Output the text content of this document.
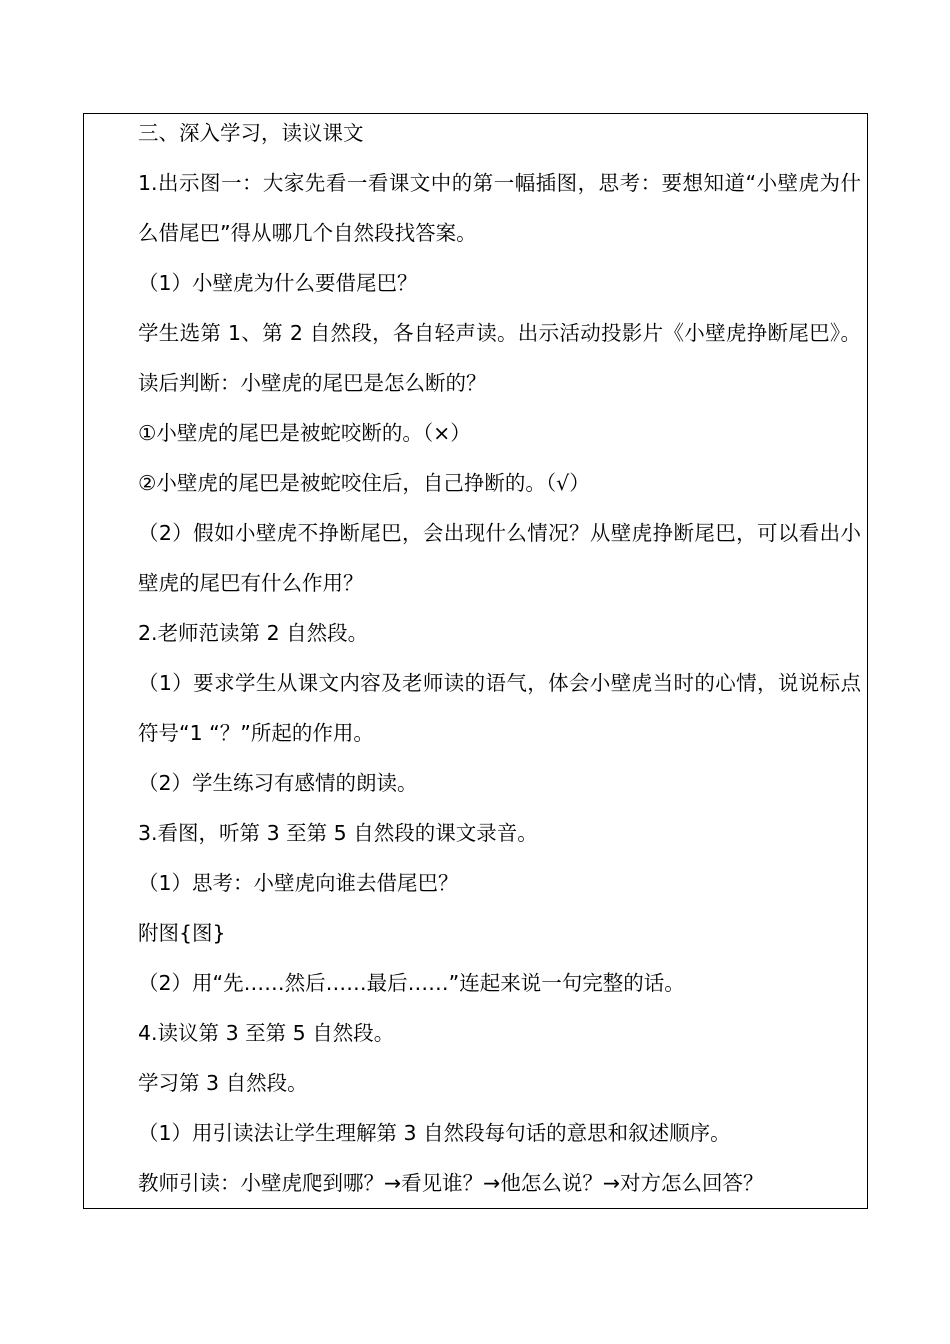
三、深入学习，读议课文

1.出示图一：大家先看一看课文中的第一幅插图，思考：要想知道“小壁虎为什么借尾巴”得从哪几个自然段找答案。

（1）小壁虎为什么要借尾巴？

学生选第 1、第 2 自然段，各自轻声读。出示活动投影片《小壁虎挣断尾巴》。读后判断：小壁虎的尾巴是怎么断的？

①小壁虎的尾巴是被蛇咬断的。（×）

②小壁虎的尾巴是被蛇咬住后，自己挣断的。（√）

（2）假如小壁虎不挣断尾巴，会出现什么情况？从壁虎挣断尾巴，可以看出小壁虎的尾巴有什么作用？

2.老师范读第 2 自然段。

（1）要求学生从课文内容及老师读的语气，体会小壁虎当时的心情，说说标点符号“1 “？”所起的作用。

（2）学生练习有感情的朗读。

3.看图，听第 3 至第 5 自然段的课文录音。

（1）思考：小壁虎向谁去借尾巴？

附图{图}

（2）用“先……然后……最后……”连起来说一句完整的话。

4.读议第 3 至第 5 自然段。

学习第 3 自然段。

（1）用引读法让学生理解第 3 自然段每句话的意思和叙述顺序。

教师引读：小壁虎爬到哪？→看见谁？→他怎么说？→对方怎么回答？
